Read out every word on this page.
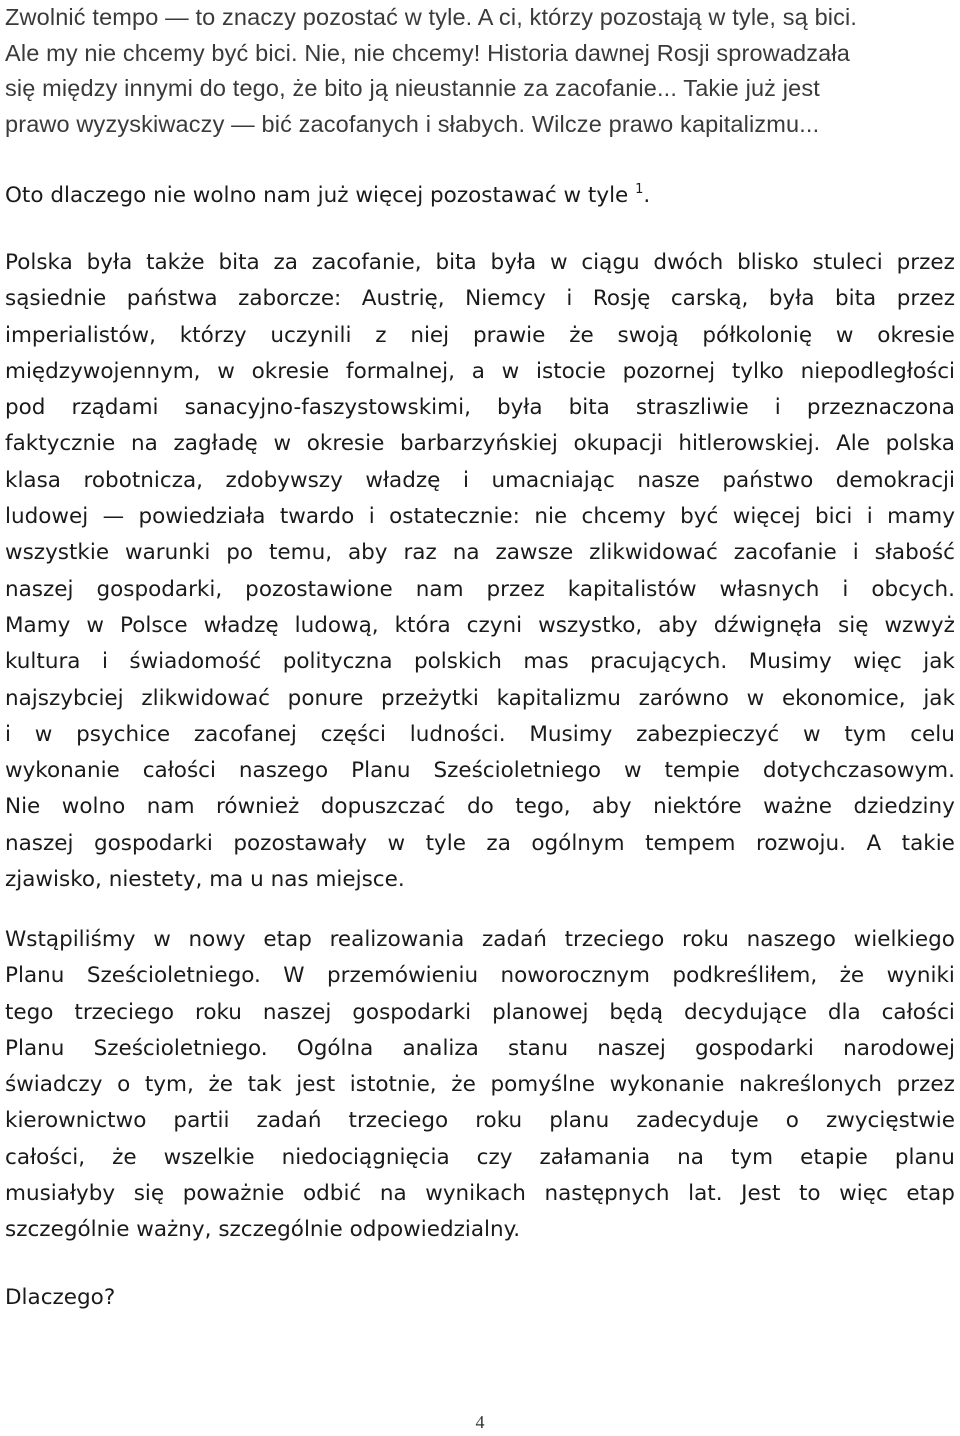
Zwolnić tempo — to znaczy pozostać w tyle. A ci, którzy pozostają w tyle, są bici.
Ale my nie chcemy być bici. Nie, nie chcemy! Historia dawnej Rosji sprowadzała
się między innymi do tego, że bito ją nieustannie za zacofanie... Takie już jest
prawo wyzyskiwaczy — bić zacofanych i słabych. Wilcze prawo kapitalizmu...
Oto dlaczego nie wolno nam już więcej pozostawać w tyle $^1$.
Polska była także bita za zacofanie, bita była w ciągu dwóch blisko stuleci przez
sąsiednie państwa zaborcze: Austrię, Niemcy i Rosję carską, była bita przez
imperialistów, którzy uczynili z niej prawie że swoją półkolonię w okresie
międzywojennym, w okresie formalnej, a w istocie pozornej tylko niepodległości
pod rządami sanacyjno-faszystowskimi, była bita straszliwie i przeznaczona
faktycznie na zagładę w okresie barbarzyńskiej okupacji hitlerowskiej. Ale polska
klasa robotnicza, zdobywszy władzę i umacniając nasze państwo demokracji
ludowej — powiedziała twardo i ostatecznie: nie chcemy być więcej bici i mamy
wszystkie warunki po temu, aby raz na zawsze zlikwidować zacofanie i słabość
naszej gospodarki, pozostawione nam przez kapitalistów własnych i obcych.
Mamy w Polsce władzę ludową, która czyni wszystko, aby dźwignęła się wzwyż
kultura i świadomość polityczna polskich mas pracujących. Musimy więc jak
najszybciej zlikwidować ponure przeżytki kapitalizmu zarówno w ekonomice, jak
i w psychice zacofanej części ludności. Musimy zabezpieczyć w tym celu
wykonanie całości naszego Planu Sześcioletniego w tempie dotychczasowym.
Nie wolno nam również dopuszczać do tego, aby niektóre ważne dziedziny
naszej gospodarki pozostawały w tyle za ogólnym tempem rozwoju. A takie
zjawisko, niestety, ma u nas miejsce.
Wstąpiliśmy w nowy etap realizowania zadań trzeciego roku naszego wielkiego
Planu Sześcioletniego. W przemówieniu noworocznym podkreśliłem, że wyniki
tego trzeciego roku naszej gospodarki planowej będą decydujące dla całości
Planu Sześcioletniego. Ogólna analiza stanu naszej gospodarki narodowej
świadczy o tym, że tak jest istotnie, że pomyślne wykonanie nakreślonych przez
kierownictwo partii zadań trzeciego roku planu zadecyduje o zwycięstwie
całości, że wszelkie niedociągnięcia czy załamania na tym etapie planu
musiałyby się poważnie odbić na wynikach następnych lat. Jest to więc etap
szczególnie ważny, szczególnie odpowiedzialny.
Dlaczego?
4
